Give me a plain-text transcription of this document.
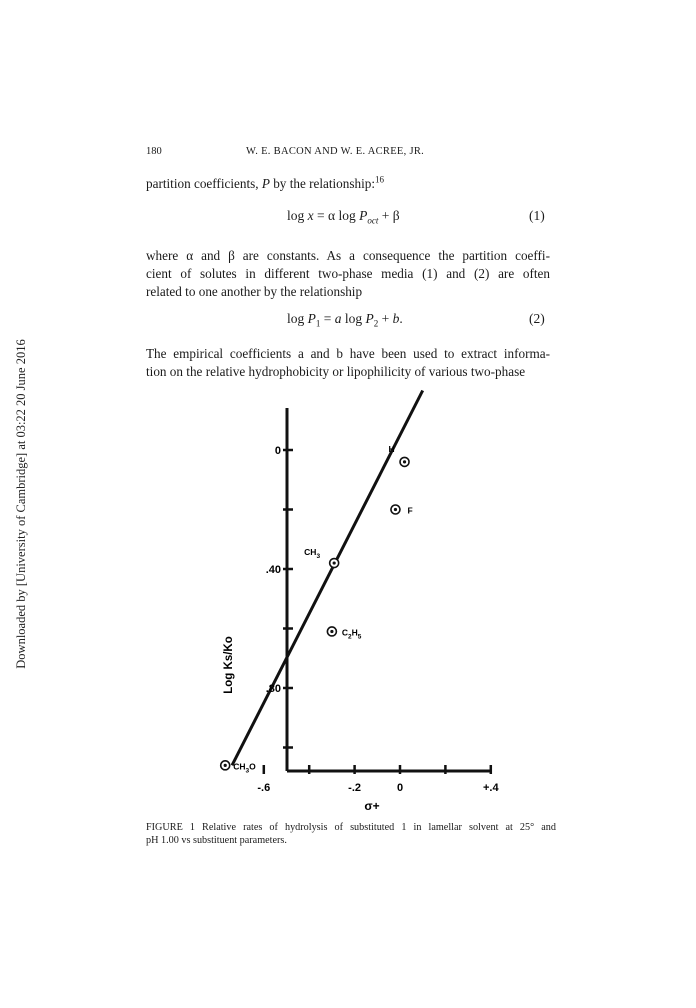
Downloaded by [University of Cambridge] at 03:22 20 June 2016
180	W. E. BACON AND W. E. ACREE, JR.
partition coefficients, P by the relationship:$^{16}$
log x = α $\log P_{oct} + \beta$	(1)
where α and β are constants. As a consequence the partition coeffi-
cient of solutes in different two-phase media (1) and (2) are often
related to one another by the relationship
$\log P_1 = a$ $\log P_2 + b$.	(2)
The empirical coefficients a and b have been used to extract informa-
tion on the relative hydrophobicity or lipophilicity of various two-phase
H
F
$CH_3$
$C_2H_5$
$CH_3O$
0
.40
.80
-.6	-.2	0	+.4
Log Ks/Ko
σ+
FIGURE 1 Relative rates of hydrolysis of substituted 1 in lamellar solvent at 25° and
pH 1.00 vs substituent parameters.
